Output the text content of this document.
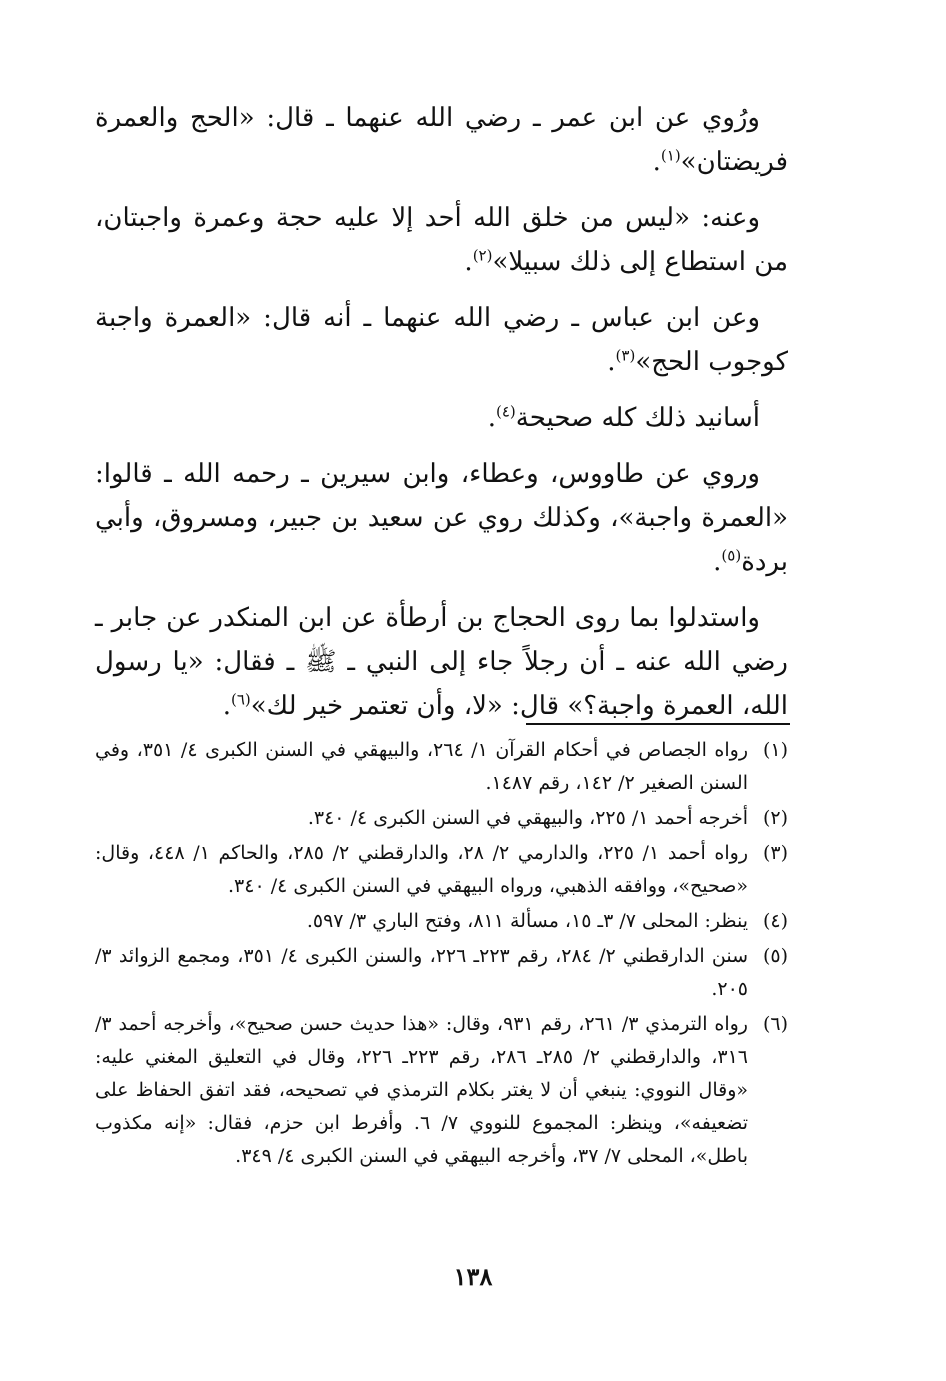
ورُوي عن ابن عمر ـ رضي الله عنهما ـ قال: «الحج والعمرة فريضتان»$^{(١)}$.

وعنه: «ليس من خلق الله أحد إلا عليه حجة وعمرة واجبتان، من استطاع إلى ذلك سبيلا»$^{(٢)}$.

وعن ابن عباس ـ رضي الله عنهما ـ أنه قال: «العمرة واجبة كوجوب الحج»$^{(٣)}$.

أسانيد ذلك كله صحيحة$^{(٤)}$.

وروي عن طاووس، وعطاء، وابن سيرين ـ رحمه الله ـ قالوا: «العمرة واجبة»، وكذلك روي عن سعيد بن جبير، ومسروق، وأبي بردة$^{(٥)}$.

واستدلوا بما روى الحجاج بن أرطأة عن ابن المنكدر عن جابر ـ رضي الله عنه ـ أن رجلاً جاء إلى النبي ـ ﷺ ـ فقال: «يا رسول الله، العمرة واجبة؟» قال: «لا، وأن تعتمر خير لك»$^{(٦)}$.

(١)
رواه الجصاص في أحكام القرآن ١/ ٢٦٤، والبيهقي في السنن الكبرى ٤/ ٣٥١، وفي السنن الصغير ٢/ ١٤٢، رقم ١٤٨٧.
(٢)
أخرجه أحمد ١/ ٢٢٥، والبيهقي في السنن الكبرى ٤/ ٣٤٠.
(٣)
رواه أحمد ١/ ٢٢٥، والدارمي ٢/ ٢٨، والدارقطني ٢/ ٢٨٥، والحاكم ١/ ٤٤٨، وقال: «صحيح»، ووافقه الذهبي، ورواه البيهقي في السنن الكبرى ٤/ ٣٤٠.
(٤)
ينظر: المحلى ٧/ ٣ـ ١٥، مسألة ٨١١، وفتح الباري ٣/ ٥٩٧.
(٥)
سنن الدارقطني ٢/ ٢٨٤، رقم ٢٢٣ـ ٢٢٦، والسنن الكبرى ٤/ ٣٥١، ومجمع الزوائد ٣/ ٢٠٥.
(٦)
رواه الترمذي ٣/ ٢٦١، رقم ٩٣١، وقال: «هذا حديث حسن صحيح»، وأخرجه أحمد ٣/ ٣١٦، والدارقطني ٢/ ٢٨٥ـ ٢٨٦، رقم ٢٢٣ـ ٢٢٦، وقال في التعليق المغني عليه: «وقال النووي: ينبغي أن لا يغتر بكلام الترمذي في تصحيحه، فقد اتفق الحفاظ على تضعيفه»، وينظر: المجموع للنووي ٧/ ٦. وأفرط ابن حزم، فقال: «إنه مكذوب باطل»، المحلى ٧/ ٣٧، وأخرجه البيهقي في السنن الكبرى ٤/ ٣٤٩.
١٣٨
